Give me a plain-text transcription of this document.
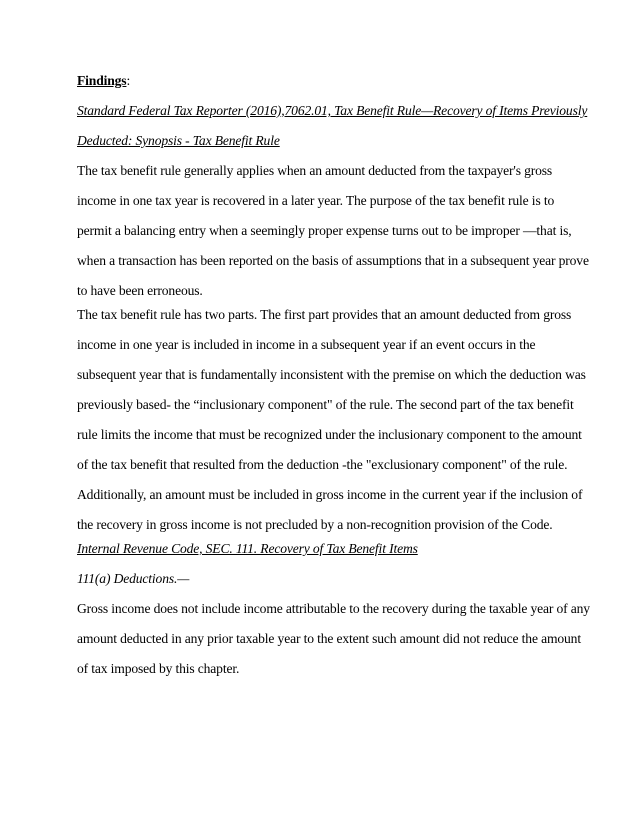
Findings:
Standard Federal Tax Reporter (2016),7062.01, Tax Benefit Rule—Recovery of Items Previously
Deducted: Synopsis - Tax Benefit Rule
The tax benefit rule generally applies when an amount deducted from the taxpayer's gross
income in one tax year is recovered in a later year. The purpose of the tax benefit rule is to
permit a balancing entry when a seemingly proper expense turns out to be improper —that is,
when a transaction has been reported on the basis of assumptions that in a subsequent year prove
to have been erroneous.
The tax benefit rule has two parts. The first part provides that an amount deducted from gross
income in one year is included in income in a subsequent year if an event occurs in the
subsequent year that is fundamentally inconsistent with the premise on which the deduction was
previously based- the “inclusionary component" of the rule. The second part of the tax benefit
rule limits the income that must be recognized under the inclusionary component to the amount
of the tax benefit that resulted from the deduction -the "exclusionary component" of the rule.
Additionally, an amount must be included in gross income in the current year if the inclusion of
the recovery in gross income is not precluded by a non-recognition provision of the Code.
Internal Revenue Code, SEC. 111. Recovery of Tax Benefit Items
111(a) Deductions.—
Gross income does not include income attributable to the recovery during the taxable year of any
amount deducted in any prior taxable year to the extent such amount did not reduce the amount
of tax imposed by this chapter.
